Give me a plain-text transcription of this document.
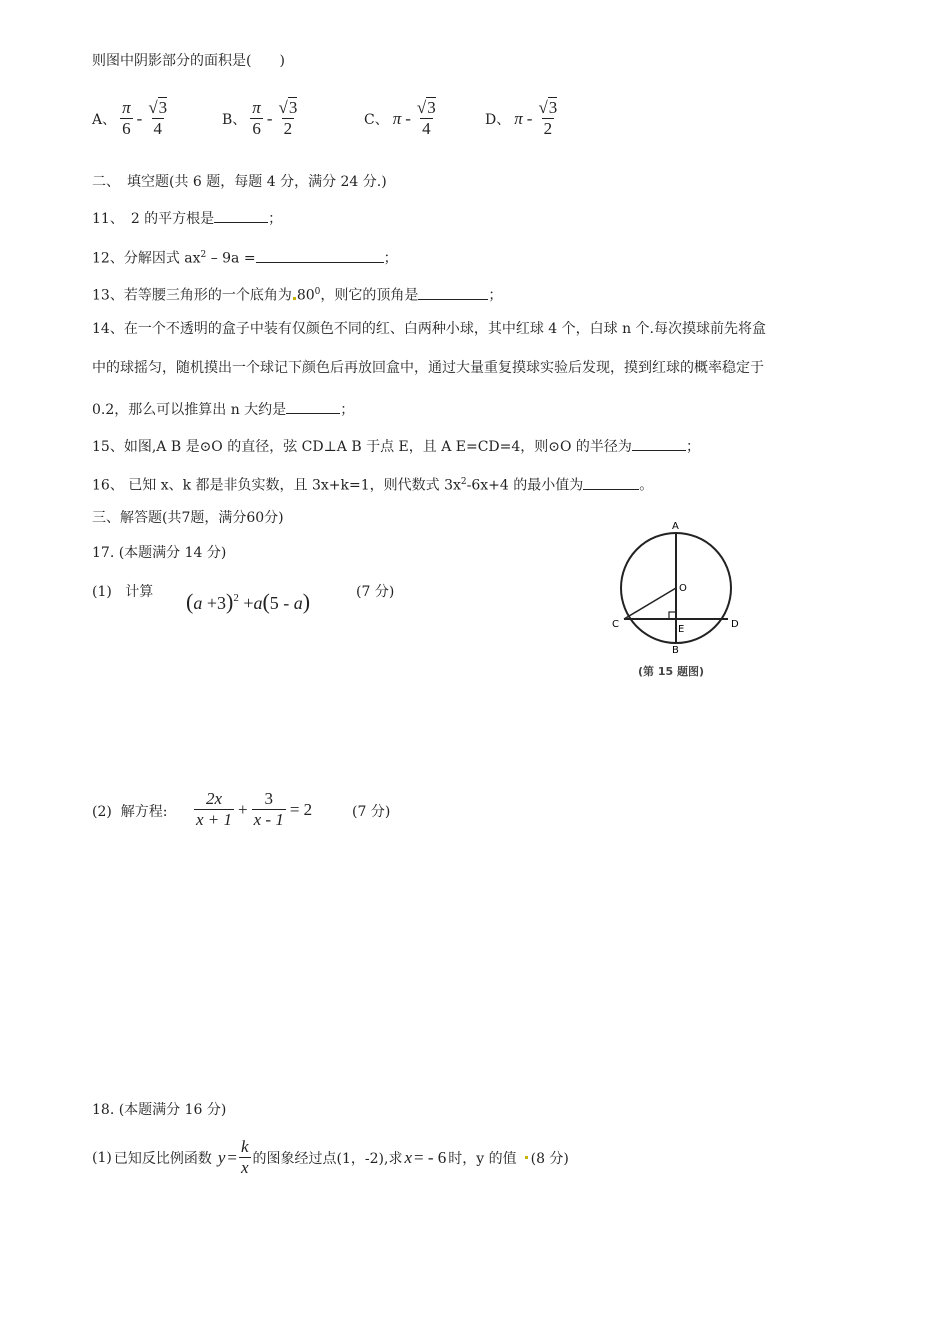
则图中阴影部分的面积是(　　)
A、 $\frac{\pi}{6} - \frac{√3}{4}$	B、 $\frac{\pi}{6} - \frac{√3}{2}$	C、 π - $\frac{√3}{4}$	D、 π - $\frac{√3}{2}$
二、　填空题(共 6 题，每题 4 分，满分 24 分.)
11、　2 的平方根是	；
12、分解因式 $ax^2 - 9a$ =	；
13、若等腰三角形的一个底角为 $80^0$，则它的顶角是	；
14、在一个不透明的盒子中装有仅颜色不同的红、白两种小球，其中红球 4 个，白球 n 个.每次摸球前先将盒
中的球摇匀，随机摸出一个球记下颜色后再放回盒中，通过大量重复摸球实验后发现，摸到红球的概率稳定于
0.2，那么可以推算出 n 大约是	；
15、如图,A B 是⊙O 的直径，弦 CD⊥A B 于点 E，且 A E=CD=4，则⊙O 的半径为	；
16、 已知 x、k 都是非负实数，且 3x+k=1，则代数式 $3x^2-6x+4$ 的最小值为	。
三、解答题(共7题，满分60分)
17. (本题满分 14 分)
(1) 计算 $(a +3)^2 +a(5 - a)$	(7 分)
A
B
C	D
E
O
(第 15 题图)
(2) 解方程: $\frac{2x}{x + 1} + \frac{3}{x - 1} = 2$	(7 分)
18. (本题满分 16 分)
(1) 已知反比例函数 $y = \frac{k}{x}$ 的图象经过点(1，-2),求 x = - 6 时，y 的值 (8 分)
